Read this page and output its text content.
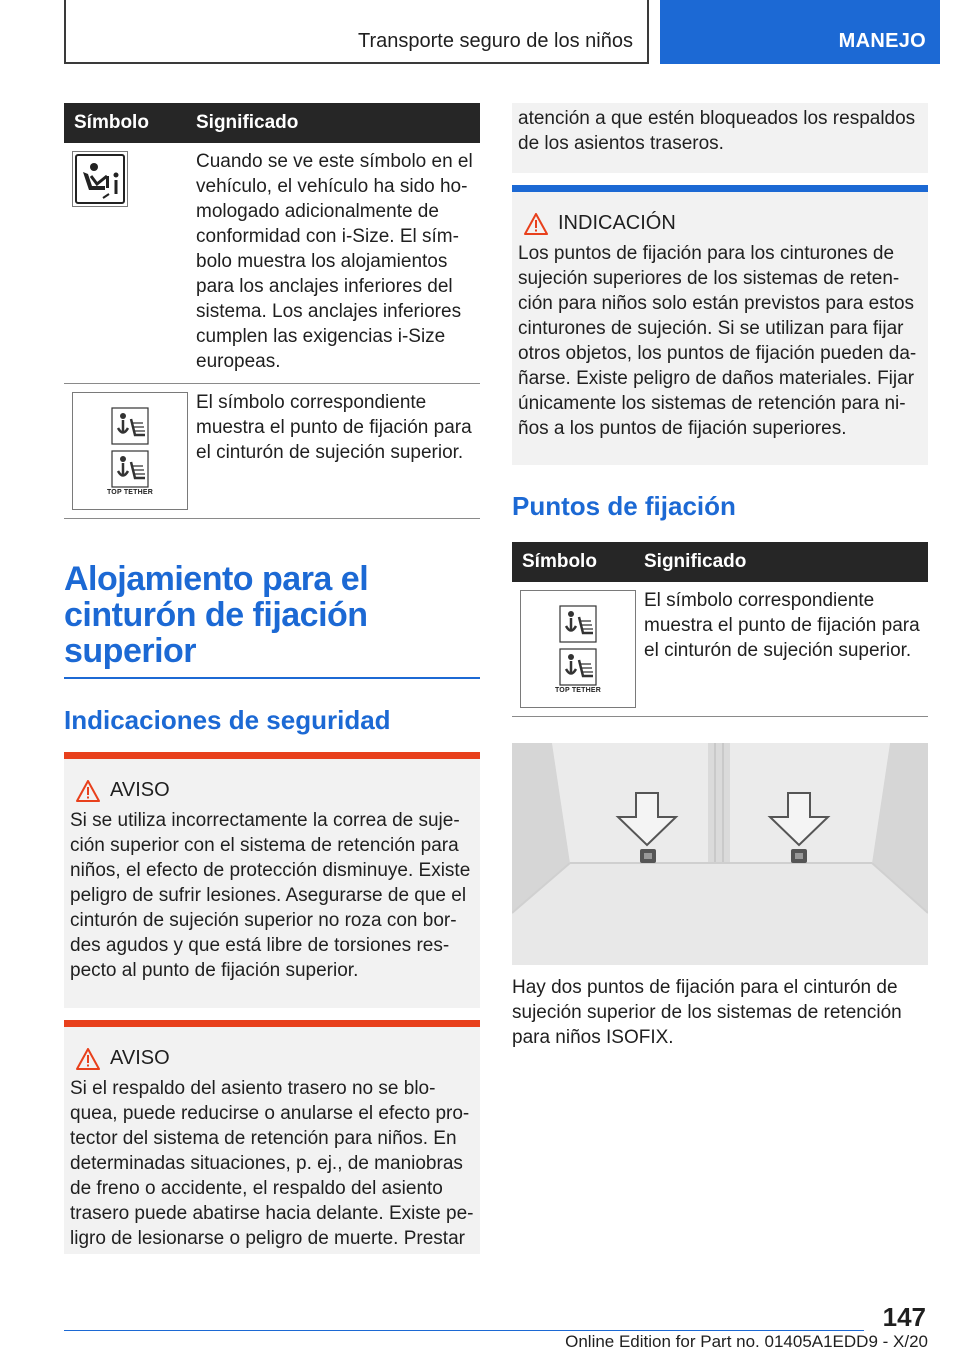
Transporte seguro de los niños	MANEJO
Símbolo	Significado
Cuando se ve este símbolo en el vehículo, el vehículo ha sido ho-mologado adicionalmente de conformidad con i-Size. El sím-bolo muestra los alojamientos para los anclajes inferiores del sistema. Los anclajes inferiores cumplen las exigencias i-Size europeas.
TOP TETHER
El símbolo correspondiente muestra el punto de fijación para el cinturón de sujeción superior.
Alojamiento para el cinturón de fijación superior
Indicaciones de seguridad
AVISO
Si se utiliza incorrectamente la correa de suje-ción superior con el sistema de retención para niños, el efecto de protección disminuye. Existe peligro de sufrir lesiones. Asegurarse de que el cinturón de sujeción superior no roza con bor-des agudos y que está libre de torsiones res-pecto al punto de fijación superior.
AVISO
Si el respaldo del asiento trasero no se blo-quea, puede reducirse o anularse el efecto pro-tector del sistema de retención para niños. En determinadas situaciones, p. ej., de maniobras de freno o accidente, el respaldo del asiento trasero puede abatirse hacia delante. Existe pe-ligro de lesionarse o peligro de muerte. Prestar
atención a que estén bloqueados los respaldos de los asientos traseros.
INDICACIÓN
Los puntos de fijación para los cinturones de sujeción superiores de los sistemas de reten-ción para niños solo están previstos para estos cinturones de sujeción. Si se utilizan para fijar otros objetos, los puntos de fijación pueden da-ñarse. Existe peligro de daños materiales. Fijar únicamente los sistemas de retención para ni-ños a los puntos de fijación superiores.
Puntos de fijación
Símbolo	Significado
TOP TETHER
El símbolo correspondiente muestra el punto de fijación para el cinturón de sujeción superior.
Hay dos puntos de fijación para el cinturón de sujeción superior de los sistemas de retención para niños ISOFIX.
147
Online Edition for Part no. 01405A1EDD9 - X/20
